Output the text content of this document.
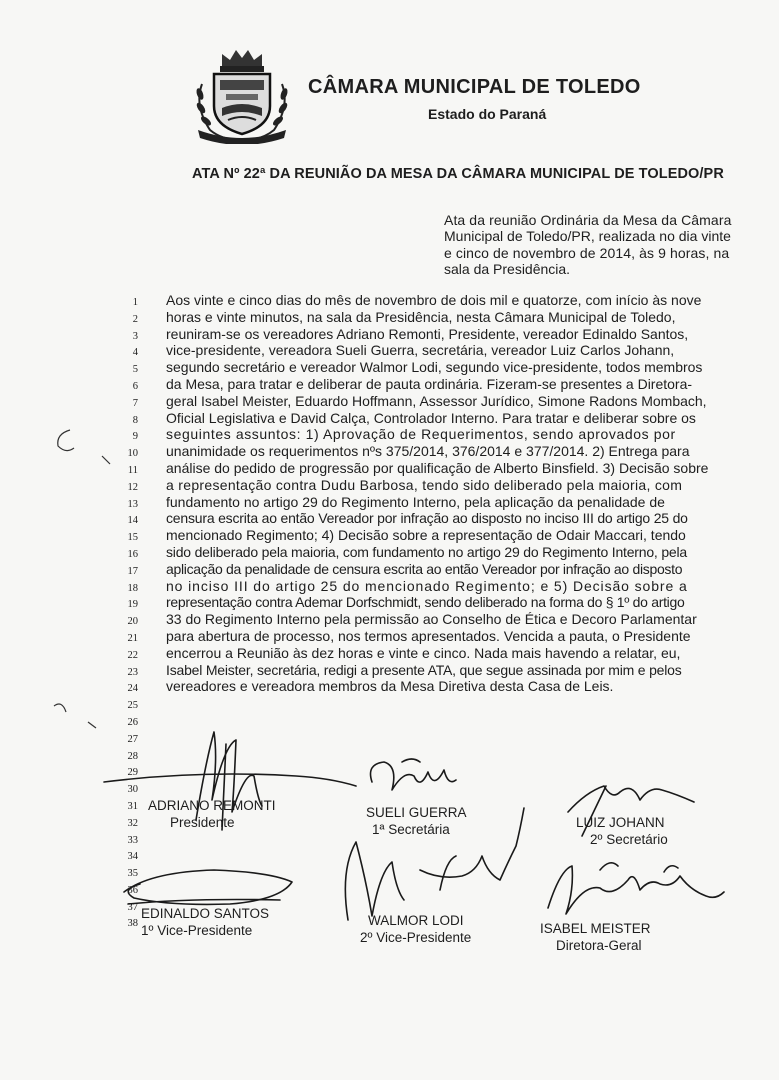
CÂMARA MUNICIPAL DE TOLEDO
Estado do Paraná
ATA Nº 22ª DA REUNIÃO DA MESA DA CÂMARA MUNICIPAL DE TOLEDO/PR
Ata da reunião Ordinária da Mesa da Câmara
Municipal de Toledo/PR, realizada no dia vinte
e cinco de novembro de 2014, às 9 horas, na
sala da Presidência.
1
2
3
4
5
6
7
8
9
10
11
12
13
14
15
16
17
18
19
20
21
22
23
24
25
26
27
28
29
30
31
32
33
34
35
36
37
38
Aos vinte e cinco dias do mês de novembro de dois mil e quatorze, com início às nove
horas e vinte minutos, na sala da Presidência, nesta Câmara Municipal de Toledo,
reuniram-se os vereadores Adriano Remonti, Presidente, vereador Edinaldo Santos,
vice-presidente, vereadora Sueli Guerra, secretária, vereador Luiz Carlos Johann,
segundo secretário e vereador Walmor Lodi, segundo vice-presidente, todos membros
da Mesa, para tratar e deliberar de pauta ordinária. Fizeram-se presentes a Diretora-
geral Isabel Meister, Eduardo Hoffmann, Assessor Jurídico, Simone Radons Mombach,
Oficial Legislativa e David Calça, Controlador Interno. Para tratar e deliberar sobre os
seguintes assuntos: 1) Aprovação de Requerimentos, sendo aprovados por
unanimidade os requerimentos nºs 375/2014, 376/2014 e 377/2014. 2) Entrega para
análise do pedido de progressão por qualificação de Alberto Binsfield. 3) Decisão sobre
a representação contra Dudu Barbosa, tendo sido deliberado pela maioria, com
fundamento no artigo 29 do Regimento Interno, pela aplicação da penalidade de
censura escrita ao então Vereador por infração ao disposto no inciso III do artigo 25 do
mencionado Regimento; 4) Decisão sobre a representação de Odair Maccari, tendo
sido deliberado pela maioria, com fundamento no artigo 29 do Regimento Interno, pela
aplicação da penalidade de censura escrita ao então Vereador por infração ao disposto
no inciso III do artigo 25 do mencionado Regimento; e 5) Decisão sobre a
representação contra Ademar Dorfschmidt, sendo deliberado na forma do § 1º do artigo
33 do Regimento Interno pela permissão ao Conselho de Ética e Decoro Parlamentar
para abertura de processo, nos termos apresentados. Vencida a pauta, o Presidente
encerrou a Reunião às dez horas e vinte e cinco. Nada mais havendo a relatar, eu,
Isabel Meister, secretária, redigi a presente ATA, que segue assinada por mim e pelos
vereadores e vereadora membros da Mesa Diretiva desta Casa de Leis.
ADRIANO REMONTI
Presidente
SUELI GUERRA
1ª Secretária	LUIZ JOHANN
2º Secretário
EDINALDO SANTOS
1º Vice-Presidente
WALMOR LODI
2º Vice-Presidente
ISABEL MEISTER
Diretora-Geral
